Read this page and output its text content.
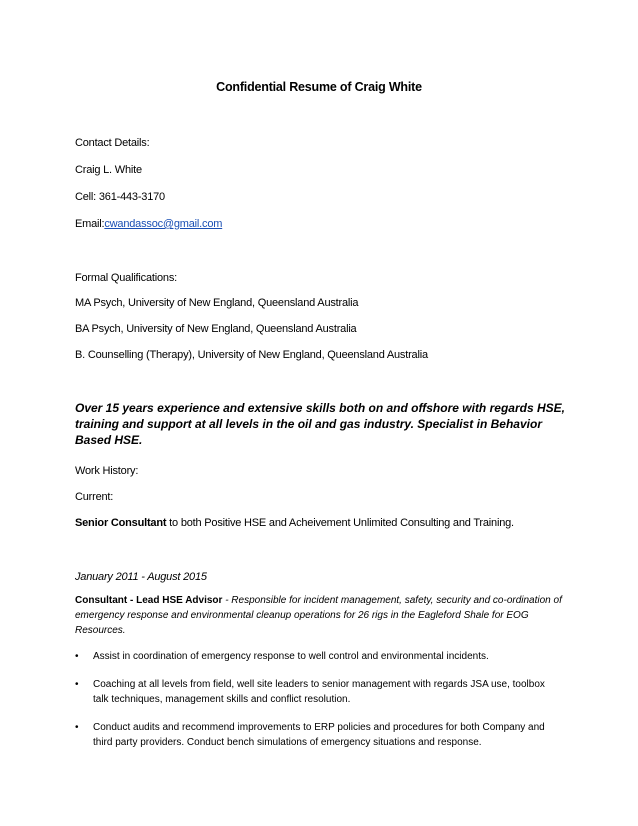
Confidential Resume of Craig White
Contact Details:
Craig L. White
Cell: 361-443-3170
Email:cwandassoc@gmail.com
Formal Qualifications:
MA Psych, University of New England, Queensland Australia
BA Psych, University of New England, Queensland Australia
B. Counselling (Therapy), University of New England, Queensland Australia
Over 15 years experience and extensive skills both on and offshore with regards HSE, training and support at all levels in the oil and gas industry. Specialist in Behavior Based HSE.
Work History:
Current:
Senior Consultant to both Positive HSE and Acheivement Unlimited Consulting and Training.
January 2011 - August 2015
Consultant - Lead HSE Advisor - Responsible for incident management, safety, security and co-ordination of emergency response and environmental cleanup operations for 26 rigs in the Eagleford Shale for EOG Resources.
•	Assist in coordination of emergency response to well control and environmental incidents.
•	Coaching at all levels from field, well site leaders to senior management with regards JSA use, toolbox talk techniques, management skills and conflict resolution.
•	Conduct audits and recommend improvements to ERP policies and procedures for both Company and third party providers. Conduct bench simulations of emergency situations and response.
